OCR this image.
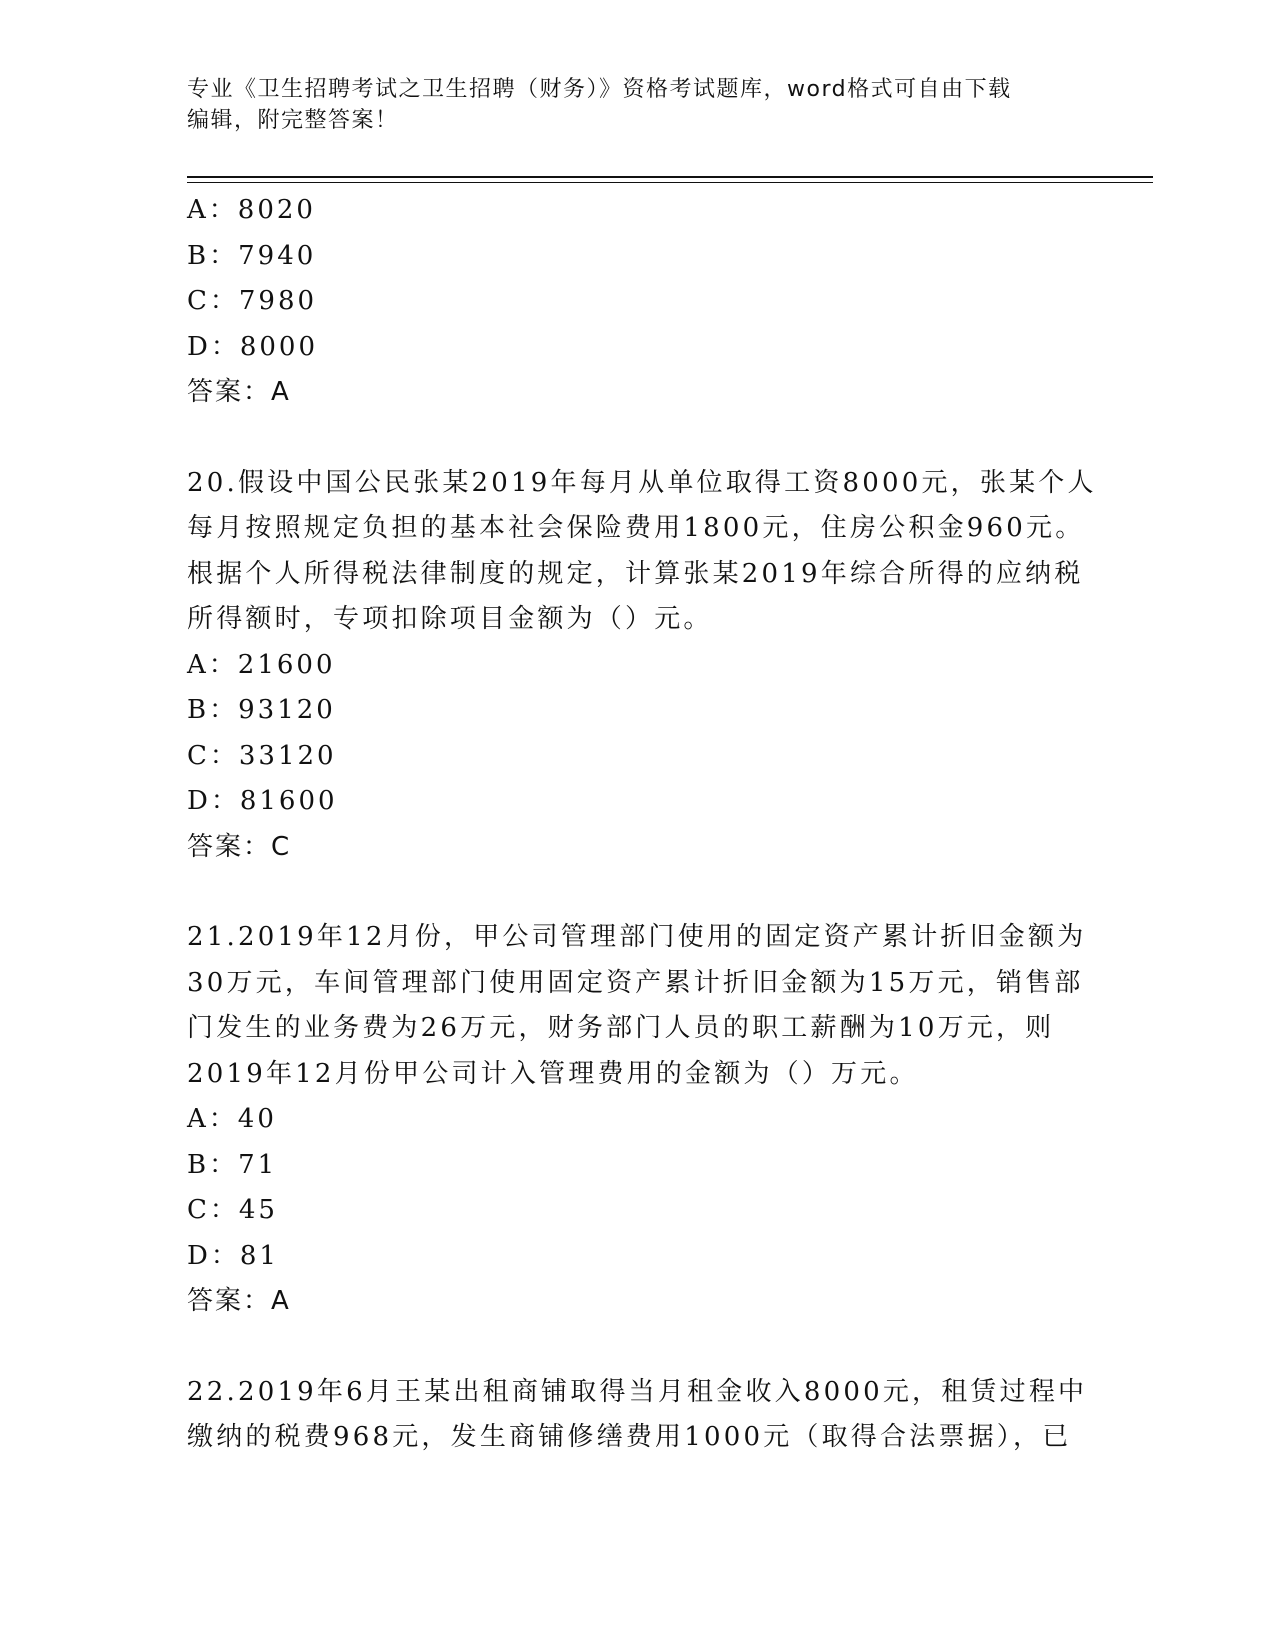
专业《卫生招聘考试之卫生招聘（财务）》资格考试题库，word格式可自由下载
编辑，附完整答案！
A：8020
B：7940
C：7980
D：8000
答案：A
20.假设中国公民张某2019年每月从单位取得工资8000元，张某个人
每月按照规定负担的基本社会保险费用1800元，住房公积金960元。
根据个人所得税法律制度的规定，计算张某2019年综合所得的应纳税
所得额时，专项扣除项目金额为（）元。
A：21600
B：93120
C：33120
D：81600
答案：C
21.2019年12月份，甲公司管理部门使用的固定资产累计折旧金额为
30万元，车间管理部门使用固定资产累计折旧金额为15万元，销售部
门发生的业务费为26万元，财务部门人员的职工薪酬为10万元，则
2019年12月份甲公司计入管理费用的金额为（）万元。
A：40
B：71
C：45
D：81
答案：A
22.2019年6月王某出租商铺取得当月租金收入8000元，租赁过程中
缴纳的税费968元，发生商铺修缮费用1000元（取得合法票据），已
